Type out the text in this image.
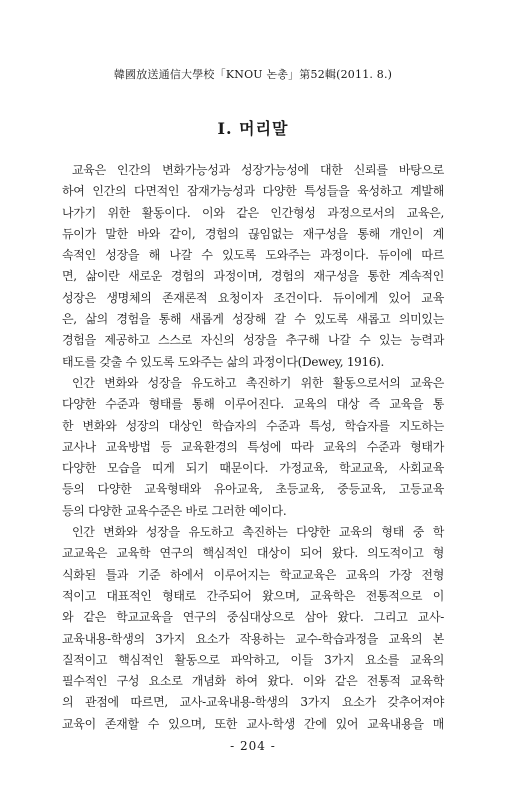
韓國放送通信大學校「KNOU 논총」第52輯(2011. 8.)
Ⅰ. 머리말
교육은 인간의 변화가능성과 성장가능성에 대한 신뢰를 바탕으로
하여 인간의 다면적인 잠재가능성과 다양한 특성들을 육성하고 계발해
나가기 위한 활동이다. 이와 같은 인간형성 과정으로서의 교육은,
듀이가 말한 바와 같이, 경험의 끊임없는 재구성을 통해 개인이 계
속적인 성장을 해 나갈 수 있도록 도와주는 과정이다. 듀이에 따르
면, 삶이란 새로운 경험의 과정이며, 경험의 재구성을 통한 계속적인
성장은 생명체의 존재론적 요청이자 조건이다. 듀이에게 있어 교육
은, 삶의 경험을 통해 새롭게 성장해 갈 수 있도록 새롭고 의미있는
경험을 제공하고 스스로 자신의 성장을 추구해 나갈 수 있는 능력과
태도를 갖출 수 있도록 도와주는 삶의 과정이다(Dewey, 1916).
인간 변화와 성장을 유도하고 촉진하기 위한 활동으로서의 교육은
다양한 수준과 형태를 통해 이루어진다. 교육의 대상 즉 교육을 통
한 변화와 성장의 대상인 학습자의 수준과 특성, 학습자를 지도하는
교사나 교육방법 등 교육환경의 특성에 따라 교육의 수준과 형태가
다양한 모습을 띠게 되기 때문이다. 가정교육, 학교교육, 사회교육
등의 다양한 교육형태와 유아교육, 초등교육, 중등교육, 고등교육
등의 다양한 교육수준은 바로 그러한 예이다.
인간 변화와 성장을 유도하고 촉진하는 다양한 교육의 형태 중 학
교교육은 교육학 연구의 핵심적인 대상이 되어 왔다. 의도적이고 형
식화된 틀과 기준 하에서 이루어지는 학교교육은 교육의 가장 전형
적이고 대표적인 형태로 간주되어 왔으며, 교육학은 전통적으로 이
와 같은 학교교육을 연구의 중심대상으로 삼아 왔다. 그리고 교사-
교육내용-학생의 3가지 요소가 작용하는 교수-학습과정을 교육의 본
질적이고 핵심적인 활동으로 파악하고, 이들 3가지 요소를 교육의
필수적인 구성 요소로 개념화 하여 왔다. 이와 같은 전통적 교육학
의 관점에 따르면, 교사-교육내용-학생의 3가지 요소가 갖추어져야
교육이 존재할 수 있으며, 또한 교사-학생 간에 있어 교육내용을 매
- 204 -
